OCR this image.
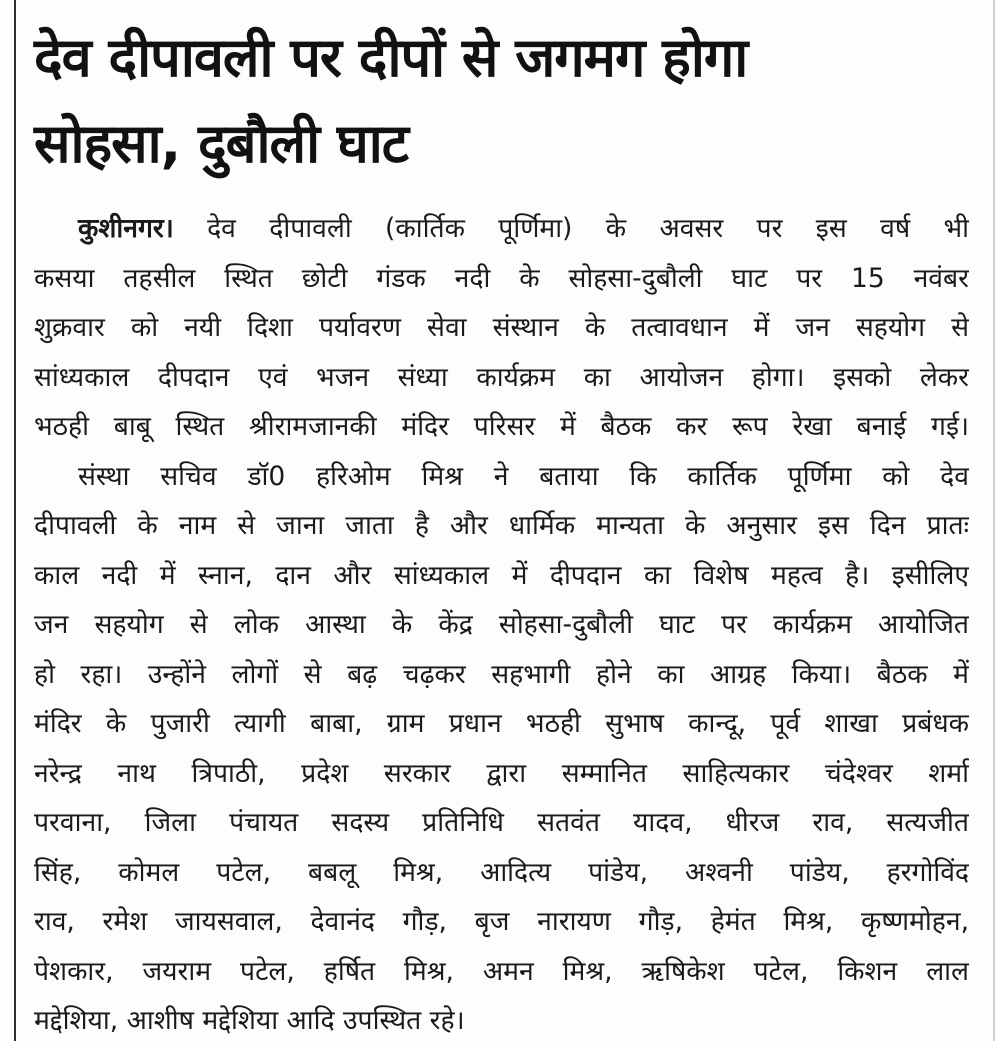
देव दीपावली पर दीपों से जगमग होगा
सोहसा, दुबौली घाट
कुशीनगर। देव दीपावली (कार्तिक पूर्णिमा) के अवसर पर इस वर्ष भी
कसया तहसील स्थित छोटी गंडक नदी के सोहसा-दुबौली घाट पर 15 नवंबर
शुक्रवार को नयी दिशा पर्यावरण सेवा संस्थान के तत्वावधान में जन सहयोग से
सांध्यकाल दीपदान एवं भजन संध्या कार्यक्रम का आयोजन होगा। इसको लेकर
भठही बाबू स्थित श्रीरामजानकी मंदिर परिसर में बैठक कर रूप रेखा बनाई गई।
संस्था सचिव डॉ0 हरिओम मिश्र ने बताया कि कार्तिक पूर्णिमा को देव
दीपावली के नाम से जाना जाता है और धार्मिक मान्यता के अनुसार इस दिन प्रातः
काल नदी में स्नान, दान और सांध्यकाल में दीपदान का विशेष महत्व है। इसीलिए
जन सहयोग से लोक आस्था के केंद्र सोहसा-दुबौली घाट पर कार्यक्रम आयोजित
हो रहा। उन्होंने लोगों से बढ़ चढ़कर सहभागी होने का आग्रह किया। बैठक में
मंदिर के पुजारी त्यागी बाबा, ग्राम प्रधान भठही सुभाष कान्दू, पूर्व शाखा प्रबंधक
नरेन्द्र नाथ त्रिपाठी, प्रदेश सरकार द्वारा सम्मानित साहित्यकार चंदेश्वर शर्मा
परवाना, जिला पंचायत सदस्य प्रतिनिधि सतवंत यादव, धीरज राव, सत्यजीत
सिंह, कोमल पटेल, बबलू मिश्र, आदित्य पांडेय, अश्वनी पांडेय, हरगोविंद
राव, रमेश जायसवाल, देवानंद गौड़, बृज नारायण गौड़, हेमंत मिश्र, कृष्णमोहन,
पेशकार, जयराम पटेल, हर्षित मिश्र, अमन मिश्र, ऋषिकेश पटेल, किशन लाल
मद्देशिया, आशीष मद्देशिया आदि उपस्थित रहे।
